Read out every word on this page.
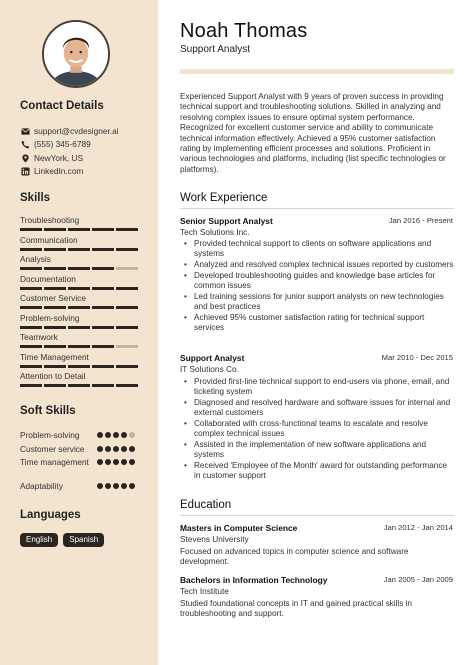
Contact Details
support@cvdesigner.ai
(555) 345-6789
NewYork, US
LinkedIn.com
Skills
Troubleshooting
Communication
Analysis
Documentation
Customer Service
Problem-solving
Teamwork
Time Management
Attention to Detail
Soft Skills
Problem-solving
Customer service
Time management
Adaptability
Languages
English	Spanish
Noah Thomas
Support Analyst
Experienced Support Analyst with 9 years of proven success in providing technical support and troubleshooting solutions. Skilled in analyzing and resolving complex issues to ensure optimal system performance. Recognized for excellent customer service and ability to communicate technical information effectively. Achieved a 95% customer satisfaction rating by implementing efficient processes and solutions. Proficient in various technologies and platforms, including (list specific technologies or platforms).
Work Experience
Senior Support Analyst	Jan 2016 - Present
Tech Solutions Inc.
• Provided technical support to clients on software applications and systems
• Analyzed and resolved complex technical issues reported by customers
• Developed troubleshooting guides and knowledge base articles for common issues
• Led training sessions for junior support analysts on new technologies and best practices
• Achieved 95% customer satisfaction rating for technical support services
Support Analyst	Mar 2010 - Dec 2015
IT Solutions Co.
• Provided first-line technical support to end-users via phone, email, and ticketing system
• Diagnosed and resolved hardware and software issues for internal and external customers
• Collaborated with cross-functional teams to escalate and resolve complex technical issues
• Assisted in the implementation of new software applications and systems
• Received 'Employee of the Month' award for outstanding performance in customer support
Education
Masters in Computer Science	Jan 2012 - Jan 2014
Stevens University
Focused on advanced topics in computer science and software development.
Bachelors in Information Technology	Jan 2005 - Jan 2009
Tech Institute
Studied foundational concepts in IT and gained practical skills in troubleshooting and support.
